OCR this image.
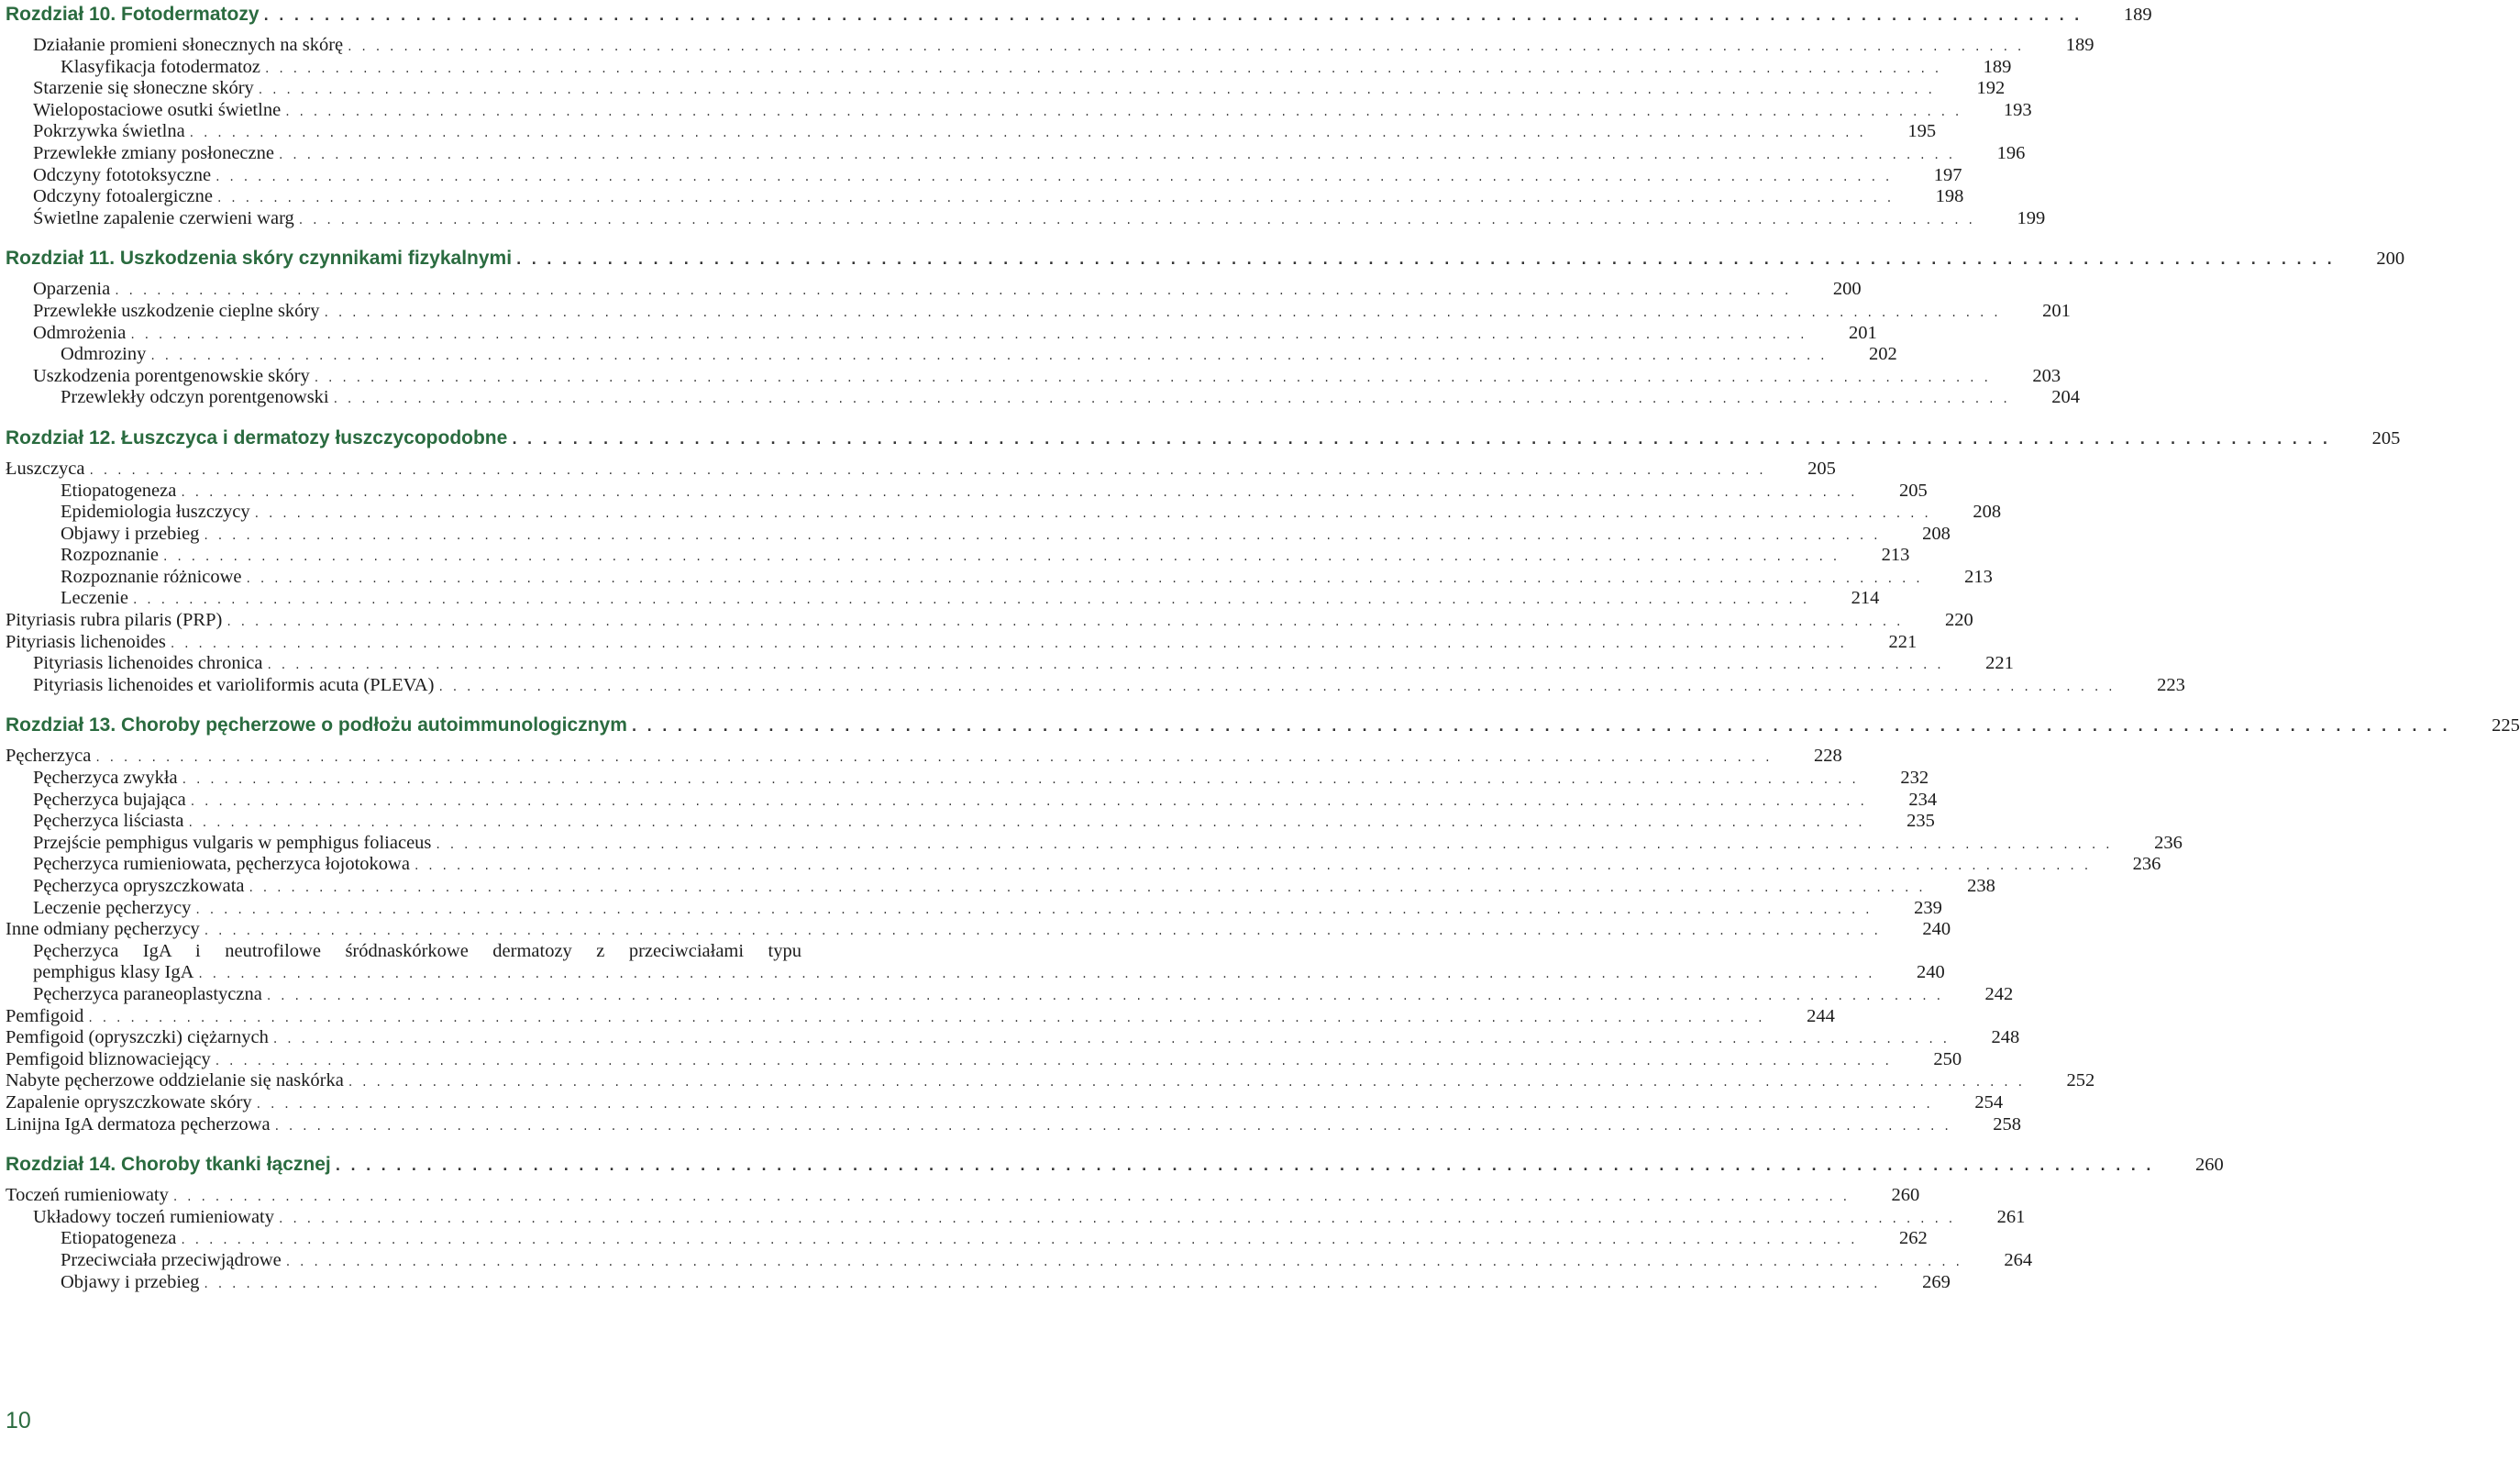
Rozdział 10. Fotodermatozy . . . . . . . . . . . . . . . . . . . . . . . . . . . . . . . . . . . . . . . . . . . . . . . . . . . . . . . . . . . . . . . . . . . . . . . . . . . . . . . . . . . . . . . . . . . . . . . . . . . . . . . . . . . . . . . . . . . . . . . .	189
Działanie promieni słonecznych na skórę . . . . . . . . . . . . . . . . . . . . . . . . . . . . . . . . . . . . . . . . . . . . . . . . . . . . . . . . . . . . . . . . . . . . . . . . . . . . . . . . . . . . . . . . . . . . . . . . . . . . . . . . . . . . . . . . . . . . . . . .	189
Klasyfikacja fotodermatoz . . . . . . . . . . . . . . . . . . . . . . . . . . . . . . . . . . . . . . . . . . . . . . . . . . . . . . . . . . . . . . . . . . . . . . . . . . . . . . . . . . . . . . . . . . . . . . . . . . . . . . . . . . . . . . . . . . . . . . . .	189
Starzenie się słoneczne skóry . . . . . . . . . . . . . . . . . . . . . . . . . . . . . . . . . . . . . . . . . . . . . . . . . . . . . . . . . . . . . . . . . . . . . . . . . . . . . . . . . . . . . . . . . . . . . . . . . . . . . . . . . . . . . . . . . . . . . . . .	192
Wielopostaciowe osutki świetlne . . . . . . . . . . . . . . . . . . . . . . . . . . . . . . . . . . . . . . . . . . . . . . . . . . . . . . . . . . . . . . . . . . . . . . . . . . . . . . . . . . . . . . . . . . . . . . . . . . . . . . . . . . . . . . . . . . . . . . . .	193
Pokrzywka świetlna . . . . . . . . . . . . . . . . . . . . . . . . . . . . . . . . . . . . . . . . . . . . . . . . . . . . . . . . . . . . . . . . . . . . . . . . . . . . . . . . . . . . . . . . . . . . . . . . . . . . . . . . . . . . . . . . . . . . . . . .	195
Przewlekłe zmiany posłoneczne . . . . . . . . . . . . . . . . . . . . . . . . . . . . . . . . . . . . . . . . . . . . . . . . . . . . . . . . . . . . . . . . . . . . . . . . . . . . . . . . . . . . . . . . . . . . . . . . . . . . . . . . . . . . . . . . . . . . . . . .	196
Odczyny fototoksyczne . . . . . . . . . . . . . . . . . . . . . . . . . . . . . . . . . . . . . . . . . . . . . . . . . . . . . . . . . . . . . . . . . . . . . . . . . . . . . . . . . . . . . . . . . . . . . . . . . . . . . . . . . . . . . . . . . . . . . . . .	197
Odczyny fotoalergiczne . . . . . . . . . . . . . . . . . . . . . . . . . . . . . . . . . . . . . . . . . . . . . . . . . . . . . . . . . . . . . . . . . . . . . . . . . . . . . . . . . . . . . . . . . . . . . . . . . . . . . . . . . . . . . . . . . . . . . . . .	198
Świetlne zapalenie czerwieni warg . . . . . . . . . . . . . . . . . . . . . . . . . . . . . . . . . . . . . . . . . . . . . . . . . . . . . . . . . . . . . . . . . . . . . . . . . . . . . . . . . . . . . . . . . . . . . . . . . . . . . . . . . . . . . . . . . . . . . . . .	199
Rozdział 11. Uszkodzenia skóry czynnikami fizykalnymi . . . . . . . . . . . . . . . . . . . . . . . . . . . . . . . . . . . . . . . . . . . . . . . . . . . . . . . . . . . . . . . . . . . . . . . . . . . . . . . . . . . . . . . . . . . . . . . . . . . . . . . . . . . . . . . . . . . . . . . .	200
Oparzenia . . . . . . . . . . . . . . . . . . . . . . . . . . . . . . . . . . . . . . . . . . . . . . . . . . . . . . . . . . . . . . . . . . . . . . . . . . . . . . . . . . . . . . . . . . . . . . . . . . . . . . . . . . . . . . . . . . . . . . . .	200
Przewlekłe uszkodzenie cieplne skóry . . . . . . . . . . . . . . . . . . . . . . . . . . . . . . . . . . . . . . . . . . . . . . . . . . . . . . . . . . . . . . . . . . . . . . . . . . . . . . . . . . . . . . . . . . . . . . . . . . . . . . . . . . . . . . . . . . . . . . . .	201
Odmrożenia . . . . . . . . . . . . . . . . . . . . . . . . . . . . . . . . . . . . . . . . . . . . . . . . . . . . . . . . . . . . . . . . . . . . . . . . . . . . . . . . . . . . . . . . . . . . . . . . . . . . . . . . . . . . . . . . . . . . . . . .	201
Odmroziny . . . . . . . . . . . . . . . . . . . . . . . . . . . . . . . . . . . . . . . . . . . . . . . . . . . . . . . . . . . . . . . . . . . . . . . . . . . . . . . . . . . . . . . . . . . . . . . . . . . . . . . . . . . . . . . . . . . . . . . .	202
Uszkodzenia porentgenowskie skóry . . . . . . . . . . . . . . . . . . . . . . . . . . . . . . . . . . . . . . . . . . . . . . . . . . . . . . . . . . . . . . . . . . . . . . . . . . . . . . . . . . . . . . . . . . . . . . . . . . . . . . . . . . . . . . . . . . . . . . . .	203
Przewlekły odczyn porentgenowski . . . . . . . . . . . . . . . . . . . . . . . . . . . . . . . . . . . . . . . . . . . . . . . . . . . . . . . . . . . . . . . . . . . . . . . . . . . . . . . . . . . . . . . . . . . . . . . . . . . . . . . . . . . . . . . . . . . . . . . .	204
Rozdział 12. Łuszczyca i dermatozy łuszczycopodobne . . . . . . . . . . . . . . . . . . . . . . . . . . . . . . . . . . . . . . . . . . . . . . . . . . . . . . . . . . . . . . . . . . . . . . . . . . . . . . . . . . . . . . . . . . . . . . . . . . . . . . . . . . . . . . . . . . . . . . . .	205
Łuszczyca . . . . . . . . . . . . . . . . . . . . . . . . . . . . . . . . . . . . . . . . . . . . . . . . . . . . . . . . . . . . . . . . . . . . . . . . . . . . . . . . . . . . . . . . . . . . . . . . . . . . . . . . . . . . . . . . . . . . . . . .	205
Etiopatogeneza . . . . . . . . . . . . . . . . . . . . . . . . . . . . . . . . . . . . . . . . . . . . . . . . . . . . . . . . . . . . . . . . . . . . . . . . . . . . . . . . . . . . . . . . . . . . . . . . . . . . . . . . . . . . . . . . . . . . . . . .	205
Epidemiologia łuszczycy . . . . . . . . . . . . . . . . . . . . . . . . . . . . . . . . . . . . . . . . . . . . . . . . . . . . . . . . . . . . . . . . . . . . . . . . . . . . . . . . . . . . . . . . . . . . . . . . . . . . . . . . . . . . . . . . . . . . . . . .	208
Objawy i przebieg . . . . . . . . . . . . . . . . . . . . . . . . . . . . . . . . . . . . . . . . . . . . . . . . . . . . . . . . . . . . . . . . . . . . . . . . . . . . . . . . . . . . . . . . . . . . . . . . . . . . . . . . . . . . . . . . . . . . . . . .	208
Rozpoznanie . . . . . . . . . . . . . . . . . . . . . . . . . . . . . . . . . . . . . . . . . . . . . . . . . . . . . . . . . . . . . . . . . . . . . . . . . . . . . . . . . . . . . . . . . . . . . . . . . . . . . . . . . . . . . . . . . . . . . . . .	213
Rozpoznanie różnicowe . . . . . . . . . . . . . . . . . . . . . . . . . . . . . . . . . . . . . . . . . . . . . . . . . . . . . . . . . . . . . . . . . . . . . . . . . . . . . . . . . . . . . . . . . . . . . . . . . . . . . . . . . . . . . . . . . . . . . . . .	213
Leczenie . . . . . . . . . . . . . . . . . . . . . . . . . . . . . . . . . . . . . . . . . . . . . . . . . . . . . . . . . . . . . . . . . . . . . . . . . . . . . . . . . . . . . . . . . . . . . . . . . . . . . . . . . . . . . . . . . . . . . . . .	214
Pityriasis rubra pilaris (PRP) . . . . . . . . . . . . . . . . . . . . . . . . . . . . . . . . . . . . . . . . . . . . . . . . . . . . . . . . . . . . . . . . . . . . . . . . . . . . . . . . . . . . . . . . . . . . . . . . . . . . . . . . . . . . . . . . . . . . . . . .	220
Pityriasis lichenoides . . . . . . . . . . . . . . . . . . . . . . . . . . . . . . . . . . . . . . . . . . . . . . . . . . . . . . . . . . . . . . . . . . . . . . . . . . . . . . . . . . . . . . . . . . . . . . . . . . . . . . . . . . . . . . . . . . . . . . . .	221
Pityriasis lichenoides chronica . . . . . . . . . . . . . . . . . . . . . . . . . . . . . . . . . . . . . . . . . . . . . . . . . . . . . . . . . . . . . . . . . . . . . . . . . . . . . . . . . . . . . . . . . . . . . . . . . . . . . . . . . . . . . . . . . . . . . . . .	221
Pityriasis lichenoides et varioliformis acuta (PLEVA) . . . . . . . . . . . . . . . . . . . . . . . . . . . . . . . . . . . . . . . . . . . . . . . . . . . . . . . . . . . . . . . . . . . . . . . . . . . . . . . . . . . . . . . . . . . . . . . . . . . . . . . . . . . . . . . . . . . . . . . .	223
Rozdział 13. Choroby pęcherzowe o podłożu autoimmunologicznym . . . . . . . . . . . . . . . . . . . . . . . . . . . . . . . . . . . . . . . . . . . . . . . . . . . . . . . . . . . . . . . . . . . . . . . . . . . . . . . . . . . . . . . . . . . . . . . . . . . . . . . . . . . . . . . . . . . . . . . .	225
Pęcherzyca . . . . . . . . . . . . . . . . . . . . . . . . . . . . . . . . . . . . . . . . . . . . . . . . . . . . . . . . . . . . . . . . . . . . . . . . . . . . . . . . . . . . . . . . . . . . . . . . . . . . . . . . . . . . . . . . . . . . . . . .	228
Pęcherzyca zwykła . . . . . . . . . . . . . . . . . . . . . . . . . . . . . . . . . . . . . . . . . . . . . . . . . . . . . . . . . . . . . . . . . . . . . . . . . . . . . . . . . . . . . . . . . . . . . . . . . . . . . . . . . . . . . . . . . . . . . . . .	232
Pęcherzyca bujająca . . . . . . . . . . . . . . . . . . . . . . . . . . . . . . . . . . . . . . . . . . . . . . . . . . . . . . . . . . . . . . . . . . . . . . . . . . . . . . . . . . . . . . . . . . . . . . . . . . . . . . . . . . . . . . . . . . . . . . . .	234
Pęcherzyca liściasta . . . . . . . . . . . . . . . . . . . . . . . . . . . . . . . . . . . . . . . . . . . . . . . . . . . . . . . . . . . . . . . . . . . . . . . . . . . . . . . . . . . . . . . . . . . . . . . . . . . . . . . . . . . . . . . . . . . . . . . .	235
Przejście pemphigus vulgaris w pemphigus foliaceus . . . . . . . . . . . . . . . . . . . . . . . . . . . . . . . . . . . . . . . . . . . . . . . . . . . . . . . . . . . . . . . . . . . . . . . . . . . . . . . . . . . . . . . . . . . . . . . . . . . . . . . . . . . . . . . . . . . . . . . .	236
Pęcherzyca rumieniowata, pęcherzyca łojotokowa . . . . . . . . . . . . . . . . . . . . . . . . . . . . . . . . . . . . . . . . . . . . . . . . . . . . . . . . . . . . . . . . . . . . . . . . . . . . . . . . . . . . . . . . . . . . . . . . . . . . . . . . . . . . . . . . . . . . . . . .	236
Pęcherzyca opryszczkowata . . . . . . . . . . . . . . . . . . . . . . . . . . . . . . . . . . . . . . . . . . . . . . . . . . . . . . . . . . . . . . . . . . . . . . . . . . . . . . . . . . . . . . . . . . . . . . . . . . . . . . . . . . . . . . . . . . . . . . . .	238
Leczenie pęcherzycy . . . . . . . . . . . . . . . . . . . . . . . . . . . . . . . . . . . . . . . . . . . . . . . . . . . . . . . . . . . . . . . . . . . . . . . . . . . . . . . . . . . . . . . . . . . . . . . . . . . . . . . . . . . . . . . . . . . . . . . .	239
Inne odmiany pęcherzycy . . . . . . . . . . . . . . . . . . . . . . . . . . . . . . . . . . . . . . . . . . . . . . . . . . . . . . . . . . . . . . . . . . . . . . . . . . . . . . . . . . . . . . . . . . . . . . . . . . . . . . . . . . . . . . . . . . . . . . . .	240
Pęcherzyca IgA i neutrofilowe śródnaskórkowe dermatozy z przeciwciałami typu
pemphigus klasy IgA . . . . . . . . . . . . . . . . . . . . . . . . . . . . . . . . . . . . . . . . . . . . . . . . . . . . . . . . . . . . . . . . . . . . . . . . . . . . . . . . . . . . . . . . . . . . . . . . . . . . . . . . . . . . . . . . . . . . . . . .	240
Pęcherzyca paraneoplastyczna . . . . . . . . . . . . . . . . . . . . . . . . . . . . . . . . . . . . . . . . . . . . . . . . . . . . . . . . . . . . . . . . . . . . . . . . . . . . . . . . . . . . . . . . . . . . . . . . . . . . . . . . . . . . . . . . . . . . . . . .	242
Pemfigoid . . . . . . . . . . . . . . . . . . . . . . . . . . . . . . . . . . . . . . . . . . . . . . . . . . . . . . . . . . . . . . . . . . . . . . . . . . . . . . . . . . . . . . . . . . . . . . . . . . . . . . . . . . . . . . . . . . . . . . . .	244
Pemfigoid (opryszczki) ciężarnych . . . . . . . . . . . . . . . . . . . . . . . . . . . . . . . . . . . . . . . . . . . . . . . . . . . . . . . . . . . . . . . . . . . . . . . . . . . . . . . . . . . . . . . . . . . . . . . . . . . . . . . . . . . . . . . . . . . . . . . .	248
Pemfigoid bliznowaciejący . . . . . . . . . . . . . . . . . . . . . . . . . . . . . . . . . . . . . . . . . . . . . . . . . . . . . . . . . . . . . . . . . . . . . . . . . . . . . . . . . . . . . . . . . . . . . . . . . . . . . . . . . . . . . . . . . . . . . . . .	250
Nabyte pęcherzowe oddzielanie się naskórka . . . . . . . . . . . . . . . . . . . . . . . . . . . . . . . . . . . . . . . . . . . . . . . . . . . . . . . . . . . . . . . . . . . . . . . . . . . . . . . . . . . . . . . . . . . . . . . . . . . . . . . . . . . . . . . . . . . . . . . .	252
Zapalenie opryszczkowate skóry . . . . . . . . . . . . . . . . . . . . . . . . . . . . . . . . . . . . . . . . . . . . . . . . . . . . . . . . . . . . . . . . . . . . . . . . . . . . . . . . . . . . . . . . . . . . . . . . . . . . . . . . . . . . . . . . . . . . . . . .	254
Linijna IgA dermatoza pęcherzowa . . . . . . . . . . . . . . . . . . . . . . . . . . . . . . . . . . . . . . . . . . . . . . . . . . . . . . . . . . . . . . . . . . . . . . . . . . . . . . . . . . . . . . . . . . . . . . . . . . . . . . . . . . . . . . . . . . . . . . . .	258
Rozdział 14. Choroby tkanki łącznej . . . . . . . . . . . . . . . . . . . . . . . . . . . . . . . . . . . . . . . . . . . . . . . . . . . . . . . . . . . . . . . . . . . . . . . . . . . . . . . . . . . . . . . . . . . . . . . . . . . . . . . . . . . . . . . . . . . . . . . .	260
Toczeń rumieniowaty . . . . . . . . . . . . . . . . . . . . . . . . . . . . . . . . . . . . . . . . . . . . . . . . . . . . . . . . . . . . . . . . . . . . . . . . . . . . . . . . . . . . . . . . . . . . . . . . . . . . . . . . . . . . . . . . . . . . . . . .	260
Układowy toczeń rumieniowaty . . . . . . . . . . . . . . . . . . . . . . . . . . . . . . . . . . . . . . . . . . . . . . . . . . . . . . . . . . . . . . . . . . . . . . . . . . . . . . . . . . . . . . . . . . . . . . . . . . . . . . . . . . . . . . . . . . . . . . . .	261
Etiopatogeneza . . . . . . . . . . . . . . . . . . . . . . . . . . . . . . . . . . . . . . . . . . . . . . . . . . . . . . . . . . . . . . . . . . . . . . . . . . . . . . . . . . . . . . . . . . . . . . . . . . . . . . . . . . . . . . . . . . . . . . . .	262
Przeciwciała przeciwjądrowe . . . . . . . . . . . . . . . . . . . . . . . . . . . . . . . . . . . . . . . . . . . . . . . . . . . . . . . . . . . . . . . . . . . . . . . . . . . . . . . . . . . . . . . . . . . . . . . . . . . . . . . . . . . . . . . . . . . . . . . .	264
Objawy i przebieg . . . . . . . . . . . . . . . . . . . . . . . . . . . . . . . . . . . . . . . . . . . . . . . . . . . . . . . . . . . . . . . . . . . . . . . . . . . . . . . . . . . . . . . . . . . . . . . . . . . . . . . . . . . . . . . . . . . . . . . .	269
10
